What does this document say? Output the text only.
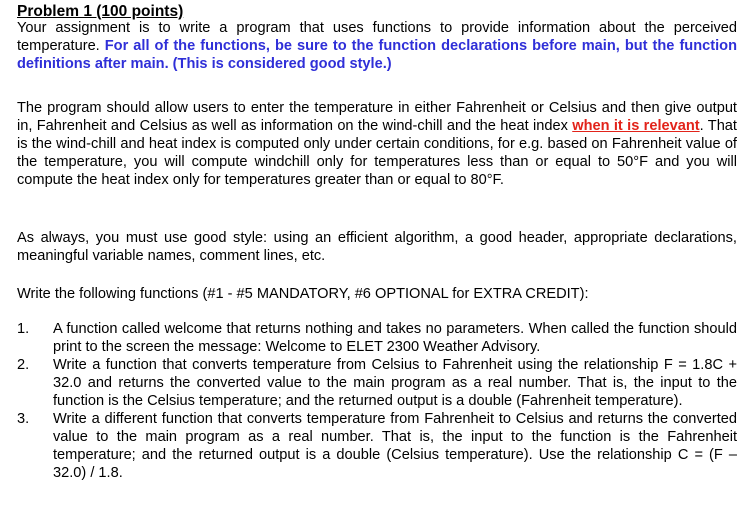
Problem 1 (100 points)
Your assignment is to write a program that uses functions to provide information about the perceived temperature. For all of the functions, be sure to the function declarations before main, but the function definitions after main. (This is considered good style.)
The program should allow users to enter the temperature in either Fahrenheit or Celsius and then give output in, Fahrenheit and Celsius as well as information on the wind-chill and the heat index when it is relevant. That is the wind-chill and heat index is computed only under certain conditions, for e.g. based on Fahrenheit value of the temperature, you will compute windchill only for temperatures less than or equal to 50°F and you will compute the heat index only for temperatures greater than or equal to 80°F.
As always, you must use good style: using an efficient algorithm, a good header, appropriate declarations, meaningful variable names, comment lines, etc.
Write the following functions (#1 - #5 MANDATORY, #6 OPTIONAL for EXTRA CREDIT):
1. A function called welcome that returns nothing and takes no parameters. When called the function should print to the screen the message: Welcome to ELET 2300 Weather Advisory.
2. Write a function that converts temperature from Celsius to Fahrenheit using the relationship F = 1.8C + 32.0 and returns the converted value to the main program as a real number. That is, the input to the function is the Celsius temperature; and the returned output is a double (Fahrenheit temperature).
3. Write a different function that converts temperature from Fahrenheit to Celsius and returns the converted value to the main program as a real number. That is, the input to the function is the Fahrenheit temperature; and the returned output is a double (Celsius temperature). Use the relationship C = (F – 32.0) / 1.8.
